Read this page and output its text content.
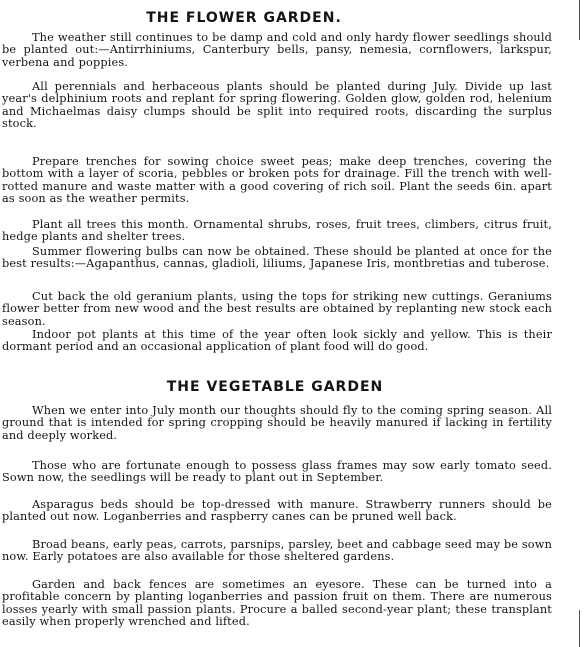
THE FLOWER GARDEN.

The weather still continues to be damp and cold and only hardy flower seedlings should be planted out:—Antirrhiniums, Canterbury bells, pansy, nemesia, cornflowers, larkspur, verbena and poppies.

All perennials and herbaceous plants should be planted during July. Divide up last year's delphinium roots and replant for spring flowering. Golden glow, golden rod, helenium and Michaelmas daisy clumps should be split into required roots, discarding the surplus stock.

Prepare trenches for sowing choice sweet peas; make deep trenches, covering the bottom with a layer of scoria, pebbles or broken pots for drainage. Fill the trench with well-rotted manure and waste matter with a good covering of rich soil. Plant the seeds 6in. apart as soon as the weather permits.

Plant all trees this month. Ornamental shrubs, roses, fruit trees, climbers, citrus fruit, hedge plants and shelter trees.

Summer flowering bulbs can now be obtained. These should be planted at once for the best results:—Agapanthus, cannas, gladioli, liliums, Japanese Iris, montbretias and tuberose.

Cut back the old geranium plants, using the tops for striking new cuttings. Geraniums flower better from new wood and the best results are obtained by replanting new stock each season.

Indoor pot plants at this time of the year often look sickly and yellow. This is their dormant period and an occasional application of plant food will do good.

THE VEGETABLE GARDEN

When we enter into July month our thoughts should fly to the coming spring season. All ground that is intended for spring cropping should be heavily manured if lacking in fertility and deeply worked.

Those who are fortunate enough to possess glass frames may sow early tomato seed. Sown now, the seedlings will be ready to plant out in September.

Asparagus beds should be top-dressed with manure. Strawberry runners should be planted out now. Loganberries and raspberry canes can be pruned well back.

Broad beans, early peas, carrots, parsnips, parsley, beet and cabbage seed may be sown now. Early potatoes are also available for those sheltered gardens.

Garden and back fences are sometimes an eyesore. These can be turned into a profitable concern by planting loganberries and passion fruit on them. There are numerous losses yearly with small passion plants. Procure a balled second-year plant; these transplant easily when properly wrenched and lifted.
